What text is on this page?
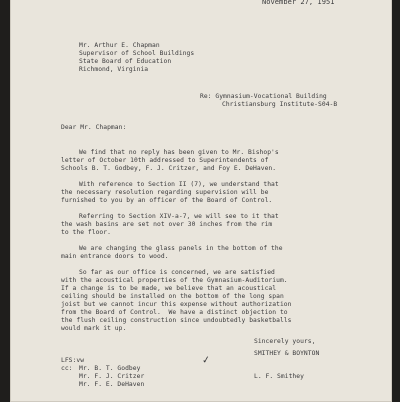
November 27, 1951
Mr. Arthur E. Chapman
Supervisor of School Buildings
State Board of Education
Richmond, Virginia
Re: Gymnasium-Vocational Building
Christiansburg Institute-S04-B
Dear Mr. Chapman:
We find that no reply has been given to Mr. Bishop's
letter of October 10th addressed to Superintendents of
Schools B. T. Godbey, F. J. Critzer, and Foy E. DeHaven.
With reference to Section II (7), we understand that
the necessary resolution regarding supervision will be
furnished to you by an officer of the Board of Control.
Referring to Section XIV-a-7, we will see to it that
the wash basins are set not over 30 inches from the rim
to the floor.
We are changing the glass panels in the bottom of the
main entrance doors to wood.
So far as our office is concerned, we are satisfied
with the acoustical properties of the Gymnasium-Auditorium.
If a change is to be made, we believe that an acoustical
ceiling should be installed on the bottom of the long span
joist but we cannot incur this expense without authorization
from the Board of Control.  We have a distinct objection to
the flush ceiling construction since undoubtedly basketballs
would mark it up.
Sincerely yours,
SMITHEY & BOYNTON
LFS:vw
cc: Mr. B. T. Godbey
Mr. F. J. Critzer
Mr. F. E. DeHaven
✓
L. F. Smithey
